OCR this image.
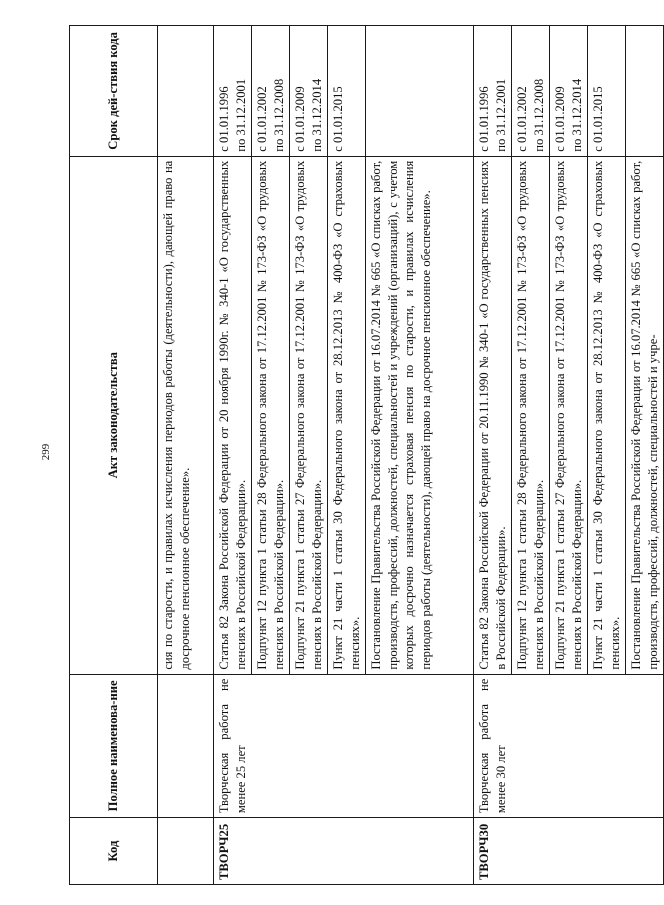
299
Код	Полное наименова-ние	Акт законодательства	Срок дей-ствия кода
		сия по старости, и правилах исчисления периодов работы (деятельности), дающей право на досрочное пенсионное обеспечение».	
ТВОРЧ25	Творческая работа не менее 25 лет	Статья 82 Закона Российской Федерации от 20 ноября 1990г. № 340-1 «О государственных пенсиях в Российской Федерации».	с 01.01.1996
по 31.12.2001
		Подпункт 12 пункта 1 статьи 28 Федерального закона от 17.12.2001 № 173-ФЗ «О трудовых пенсиях в Российской Федерации».	с 01.01.2002
по 31.12.2008
		Подпункт 21 пункта 1 статьи 27 Федерального закона от 17.12.2001 № 173-ФЗ «О трудовых пенсиях в Российской Федерации».	с 01.01.2009
по 31.12.2014
		Пункт 21 части 1 статьи 30 Федерального закона от 28.12.2013 № 400-ФЗ «О страховых пенсиях».	с 01.01.2015
		Постановление Правительства Российской Федерации от 16.07.2014 № 665 «О списках работ, производств, профессий, должностей, специальностей и учреждений (организаций), с учетом которых досрочно назначается страховая пенсия по старости, и правилах исчисления периодов работы (деятельности), дающей право на досрочное пенсионное обеспечение».	
ТВОРЧ30	Творческая работа не менее 30 лет	Статья 82 Закона Российской Федерации от 20.11.1990 № 340-1 «О государственных пенсиях в Российской Федерации».	с 01.01.1996
по 31.12.2001
		Подпункт 12 пункта 1 статьи 28 Федерального закона от 17.12.2001 № 173-ФЗ «О трудовых пенсиях в Российской Федерации».	с 01.01.2002
по 31.12.2008
		Подпункт 21 пункта 1 статьи 27 Федерального закона от 17.12.2001 № 173-ФЗ «О трудовых пенсиях в Российской Федерации».	с 01.01.2009
по 31.12.2014
		Пункт 21 части 1 статьи 30 Федерального закона от 28.12.2013 № 400-ФЗ «О страховых пенсиях».	с 01.01.2015
		Постановление Правительства Российской Федерации от 16.07.2014 № 665 «О списках работ, производств, профессий, должностей, специальностей и учре-	
